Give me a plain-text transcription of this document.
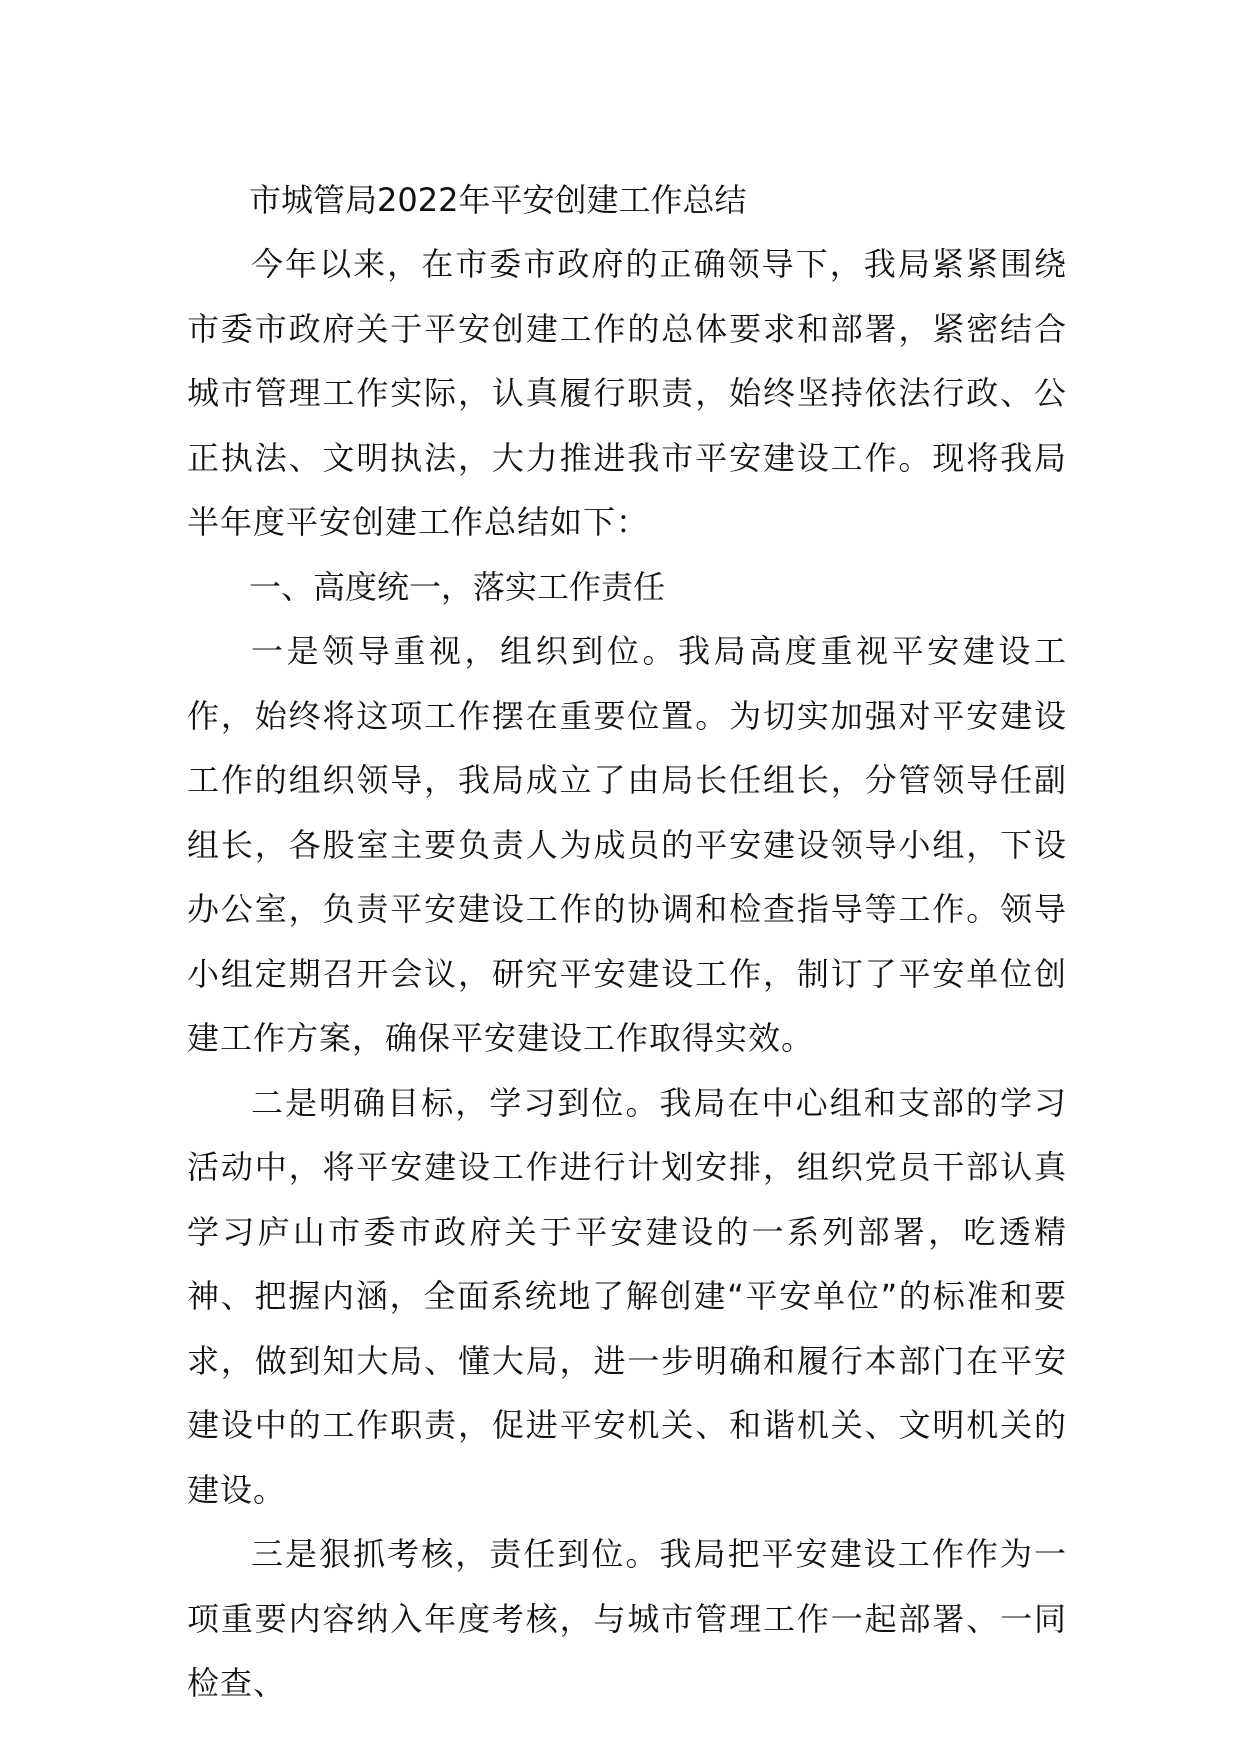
市城管局2022年平安创建工作总结

今年以来，在市委市政府的正确领导下，我局紧紧围绕市委市政府关于平安创建工作的总体要求和部署，紧密结合城市管理工作实际，认真履行职责，始终坚持依法行政、公正执法、文明执法，大力推进我市平安建设工作。现将我局半年度平安创建工作总结如下：

一、高度统一，落实工作责任

一是领导重视，组织到位。我局高度重视平安建设工作，始终将这项工作摆在重要位置。为切实加强对平安建设工作的组织领导，我局成立了由局长任组长，分管领导任副组长，各股室主要负责人为成员的平安建设领导小组，下设办公室，负责平安建设工作的协调和检查指导等工作。领导小组定期召开会议，研究平安建设工作，制订了平安单位创建工作方案，确保平安建设工作取得实效。

二是明确目标，学习到位。我局在中心组和支部的学习活动中，将平安建设工作进行计划安排，组织党员干部认真学习庐山市委市政府关于平安建设的一系列部署，吃透精神、把握内涵，全面系统地了解创建“平安单位”的标准和要求，做到知大局、懂大局，进一步明确和履行本部门在平安建设中的工作职责，促进平安机关、和谐机关、文明机关的建设。

三是狠抓考核，责任到位。我局把平安建设工作作为一项重要内容纳入年度考核，与城市管理工作一起部署、一同检查、
